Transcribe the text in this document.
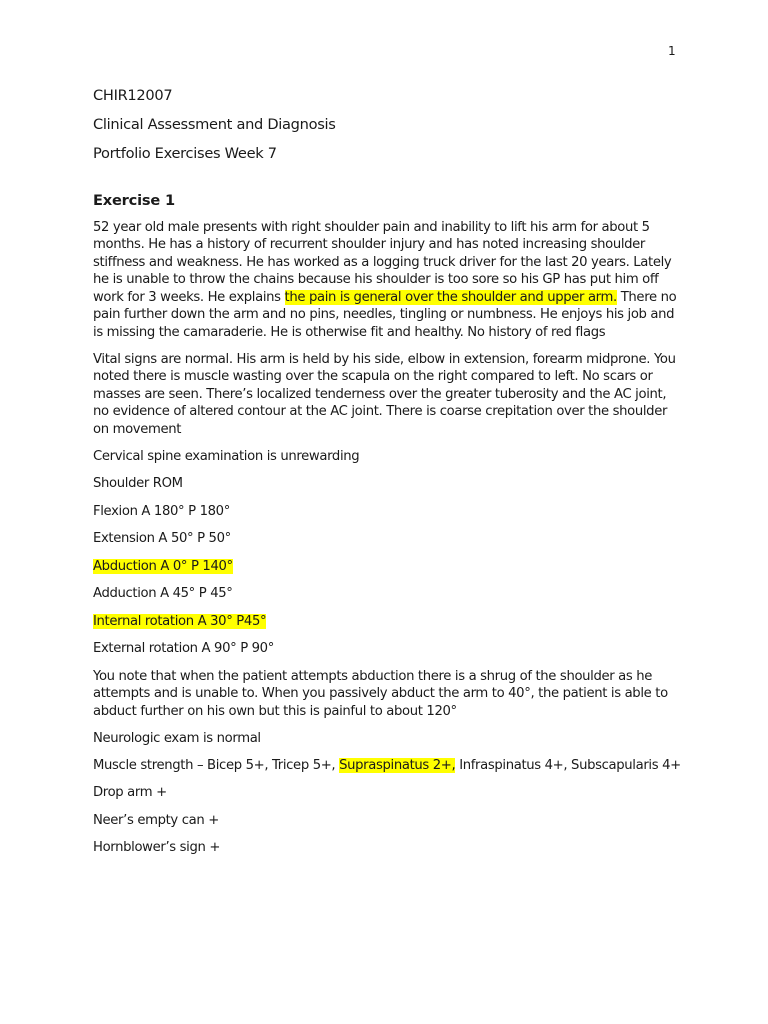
1
CHIR12007
Clinical Assessment and Diagnosis
Portfolio Exercises Week 7
Exercise 1

52 year old male presents with right shoulder pain and inability to lift his arm for about 5 months. He has a history of recurrent shoulder injury and has noted increasing shoulder stiffness and weakness. He has worked as a logging truck driver for the last 20 years. Lately he is unable to throw the chains because his shoulder is too sore so his GP has put him off work for 3 weeks. He explains the pain is general over the shoulder and upper arm. There no pain further down the arm and no pins, needles, tingling or numbness. He enjoys his job and is missing the camaraderie. He is otherwise fit and healthy. No history of red flags

Vital signs are normal. His arm is held by his side, elbow in extension, forearm midprone. You noted there is muscle wasting over the scapula on the right compared to left. No scars or masses are seen. There’s localized tenderness over the greater tuberosity and the AC joint, no evidence of altered contour at the AC joint. There is coarse crepitation over the shoulder on movement

Cervical spine examination is unrewarding

Shoulder ROM

Flexion A 180° P 180°

Extension A 50° P 50°

Abduction A 0° P 140°

Adduction A 45° P 45°

Internal rotation A 30° P45°

External rotation A 90° P 90°

You note that when the patient attempts abduction there is a shrug of the shoulder as he attempts and is unable to. When you passively abduct the arm to 40°, the patient is able to abduct further on his own but this is painful to about 120°

Neurologic exam is normal

Muscle strength – Bicep 5+, Tricep 5+, Supraspinatus 2+, Infraspinatus 4+, Subscapularis 4+

Drop arm +

Neer’s empty can +

Hornblower’s sign +
